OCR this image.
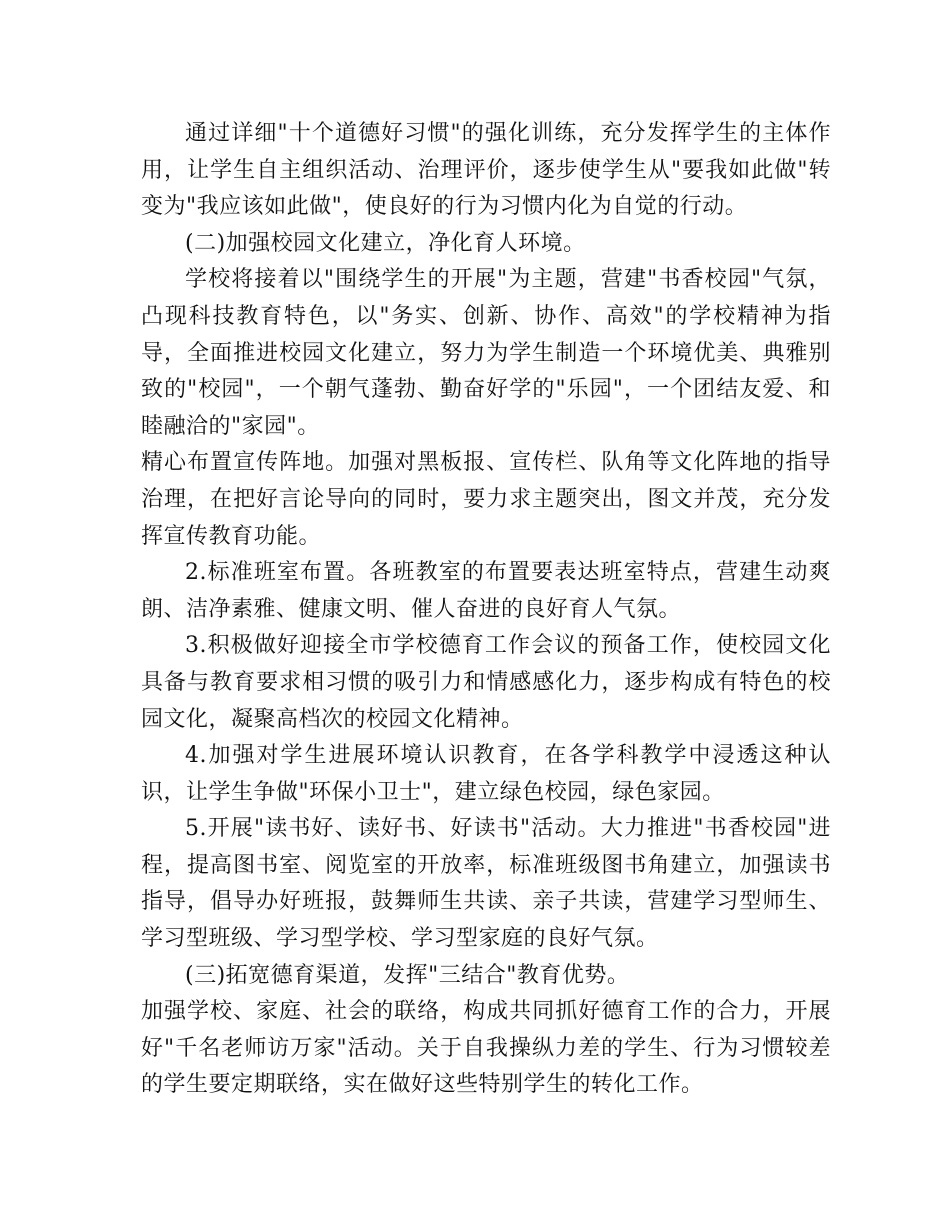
通过详细"十个道德好习惯"的强化训练，充分发挥学生的主体作用，让学生自主组织活动、治理评价，逐步使学生从"要我如此做"转变为"我应该如此做"，使良好的行为习惯内化为自觉的行动。

(二)加强校园文化建立，净化育人环境。

学校将接着以"围绕学生的开展"为主题，营建"书香校园"气氛，凸现科技教育特色，以"务实、创新、协作、高效"的学校精神为指导，全面推进校园文化建立，努力为学生制造一个环境优美、典雅别致的"校园"，一个朝气蓬勃、勤奋好学的"乐园"，一个团结友爱、和睦融洽的"家园"。

精心布置宣传阵地。加强对黑板报、宣传栏、队角等文化阵地的指导治理，在把好言论导向的同时，要力求主题突出，图文并茂，充分发挥宣传教育功能。

2.标准班室布置。各班教室的布置要表达班室特点，营建生动爽朗、洁净素雅、健康文明、催人奋进的良好育人气氛。

3.积极做好迎接全市学校德育工作会议的预备工作，使校园文化具备与教育要求相习惯的吸引力和情感感化力，逐步构成有特色的校园文化，凝聚高档次的校园文化精神。

4.加强对学生进展环境认识教育，在各学科教学中浸透这种认识，让学生争做"环保小卫士"，建立绿色校园，绿色家园。

5.开展"读书好、读好书、好读书"活动。大力推进"书香校园"进程，提高图书室、阅览室的开放率，标准班级图书角建立，加强读书指导，倡导办好班报，鼓舞师生共读、亲子共读，营建学习型师生、学习型班级、学习型学校、学习型家庭的良好气氛。

(三)拓宽德育渠道，发挥"三结合"教育优势。

加强学校、家庭、社会的联络，构成共同抓好德育工作的合力，开展好"千名老师访万家"活动。关于自我操纵力差的学生、行为习惯较差的学生要定期联络，实在做好这些特别学生的转化工作。
